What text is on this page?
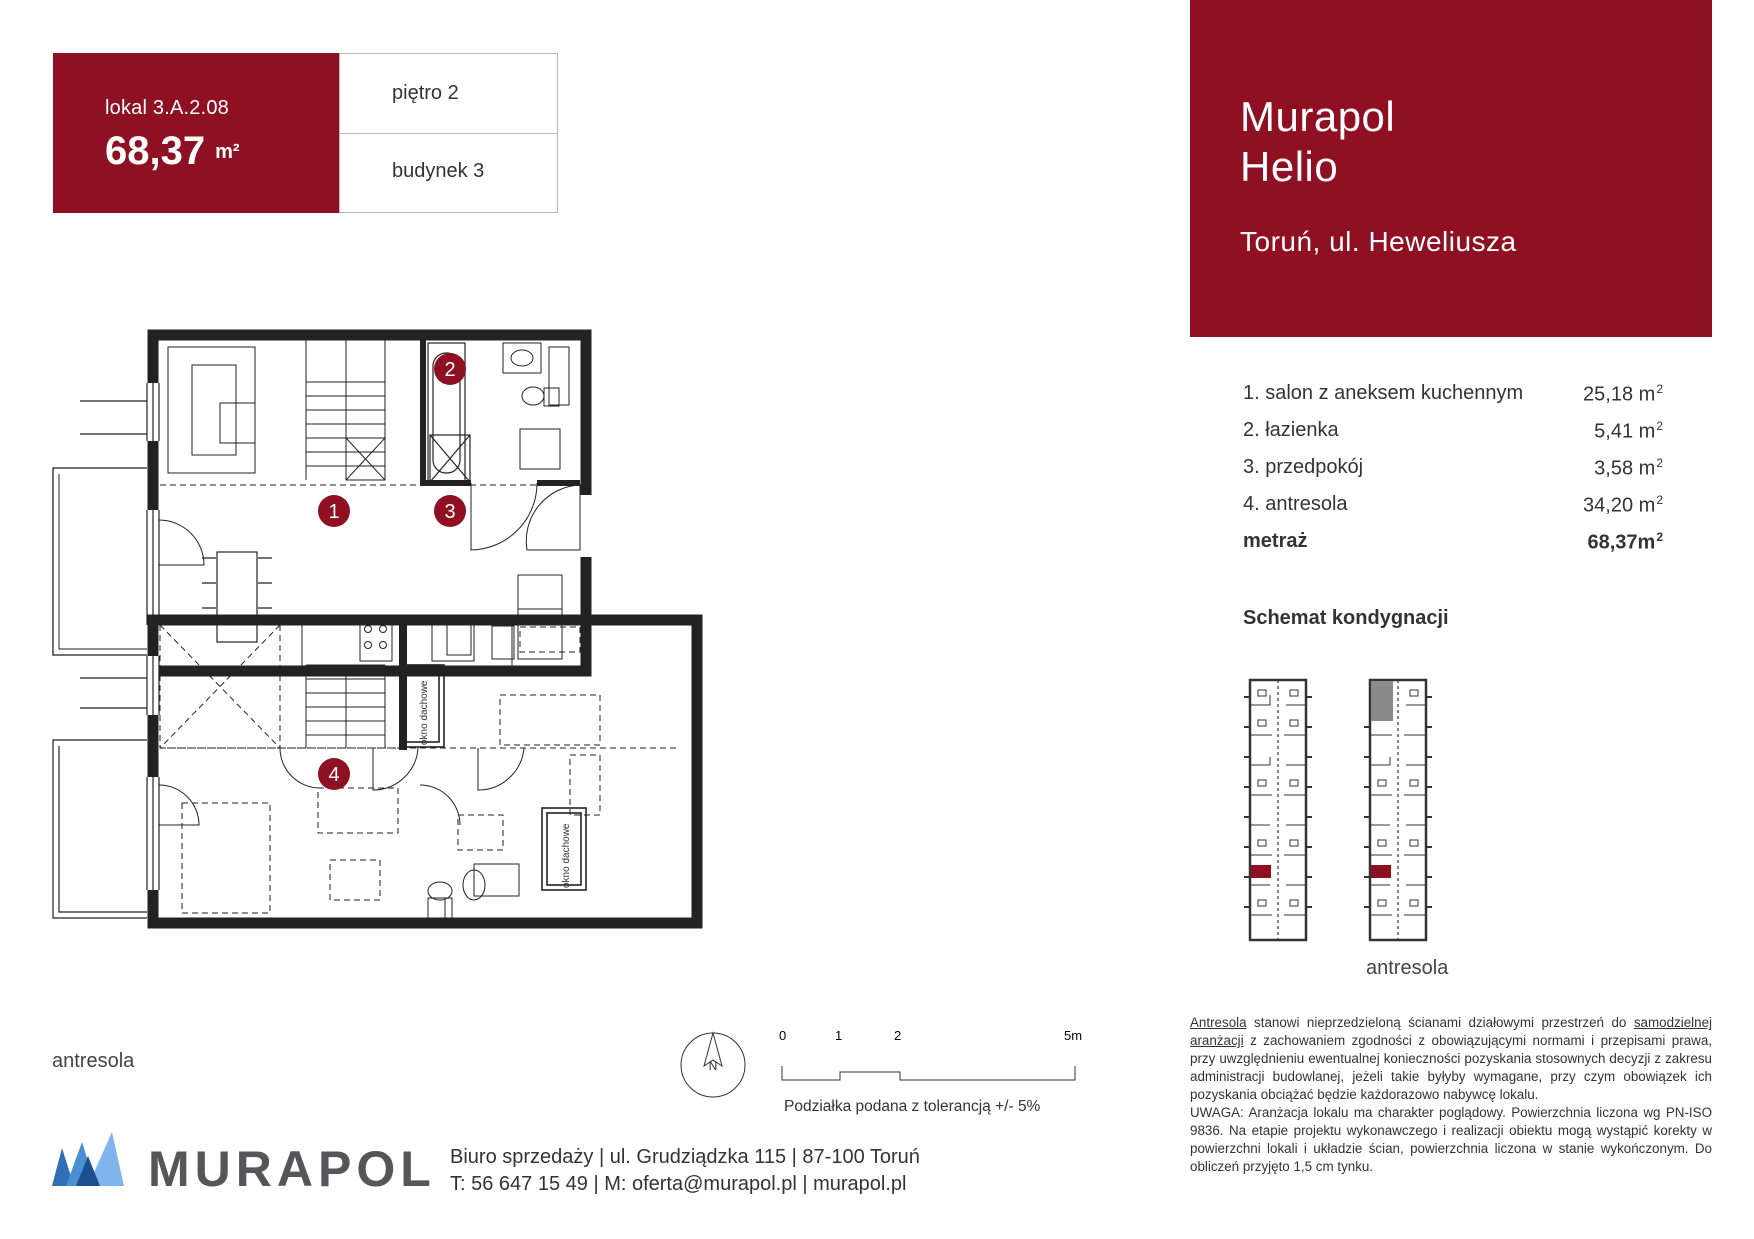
lokal 3.A.2.08
68,37 m²
piętro 2
budynek 3
Murapol
Helio
Toruń, ul. Heweliusza
1. salon z aneksem kuchennym	25,18 $m^2$
2. łazienka	5,41 $m^2$
3. przedpokój	3,58 $m^2$
4. antresola	34,20 $m^2$
metraż	$68,37m^2$
Schemat kondygnacji
antresola
1
2
3
4
okno dachowe
okno dachowe
antresola	N
0	1	2	5m
Podziałka podana z tolerancją +/- 5%

Antresola stanowi nieprzedzieloną ścianami działowymi przestrzeń do samodzielnej aranżacji z zachowaniem zgodności z obowiązującymi normami i przepisami prawa, przy uwzględnieniu ewentualnej konieczności pozyskania stosownych decyzji z zakresu administracji budowlanej, jeżeli takie byłyby wymagane, przy czym obowiązek ich pozyskania obciążać będzie każdorazowo nabywcę lokalu.

UWAGA: Aranżacja lokalu ma charakter poglądowy. Powierzchnia liczona wg PN-ISO 9836. Na etapie projektu wykonawczego i realizacji obiektu mogą wystąpić korekty w powierzchni lokali i układzie ścian, powierzchnia liczona w stanie wykończonym. Do obliczeń przyjęto 1,5 cm tynku.

MURAPOL Biuro sprzedaży | ul. Grudziądzka 115 | 87-100 Toruń
T: 56 647 15 49 | M: oferta@murapol.pl | murapol.pl
